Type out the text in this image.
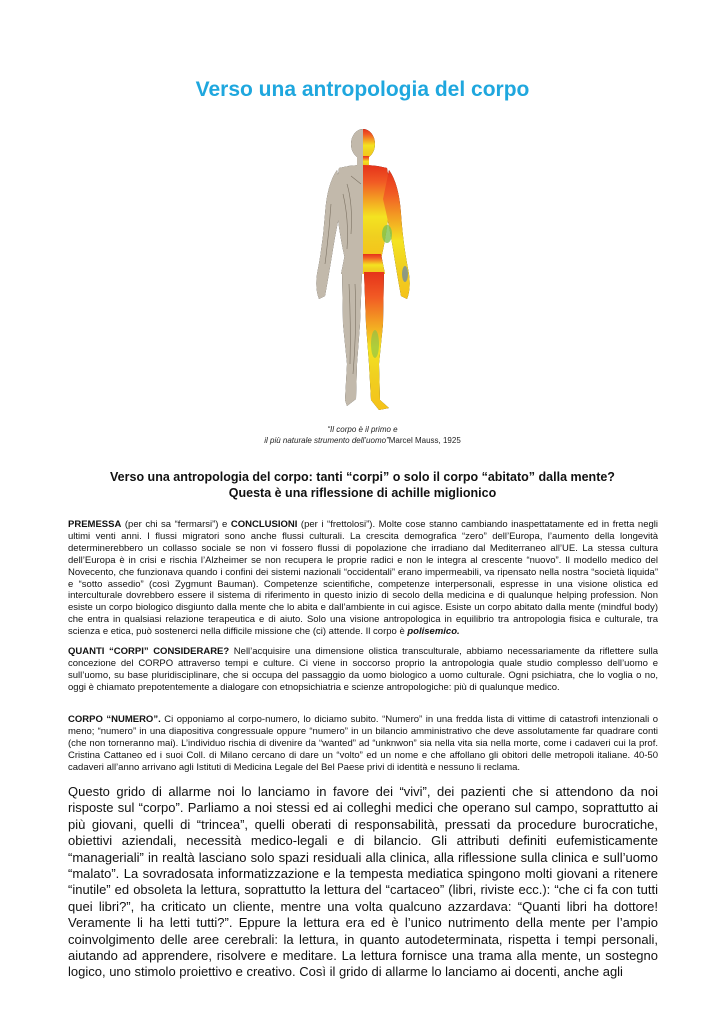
Verso una antropologia del corpo
“Il corpo è il primo e
il più naturale strumento dell’uomo”Marcel Mauss, 1925
Verso una antropologia del corpo: tanti “corpi” o solo il corpo “abitato” dalla mente?
Questa è una riflessione di achille miglionico

PREMESSA (per chi sa “fermarsi”) e CONCLUSIONI (per i “frettolosi”). Molte cose stanno cambiando inaspettatamente ed in fretta negli ultimi venti anni. I flussi migratori sono anche flussi culturali. La crescita demografica “zero” dell’Europa, l’aumento della longevità determinerebbero un collasso sociale se non vi fossero flussi di popolazione che irradiano dal Mediterraneo all’UE. La stessa cultura dell’Europa è in crisi e rischia l’Alzheimer se non recupera le proprie radici e non le integra al crescente “nuovo”. Il modello medico del Novecento, che funzionava quando i confini dei sistemi nazionali “occidentali” erano impermeabili, va ripensato nella nostra “società liquida” e “sotto assedio” (così Zygmunt Bauman). Competenze scientifiche, competenze interpersonali, espresse in una visione olistica ed interculturale dovrebbero essere il sistema di riferimento in questo inizio di secolo della medicina e di qualunque helping profession. Non esiste un corpo biologico disgiunto dalla mente che lo abita e dall’ambiente in cui agisce. Esiste un corpo abitato dalla mente (mindful body) che entra in qualsiasi relazione terapeutica e di aiuto. Solo una visione antropologica in equilibrio tra antropologia fisica e culturale, tra scienza e etica, può sostenerci nella difficile missione che (ci) attende. Il corpo è polisemico.

QUANTI “CORPI” CONSIDERARE? Nell’acquisire una dimensione olistica transculturale, abbiamo necessariamente da riflettere sulla concezione del CORPO attraverso tempi e culture. Ci viene in soccorso proprio la antropologia quale studio complesso dell’uomo e sull’uomo, su base pluridisciplinare, che si occupa del passaggio da uomo biologico a uomo culturale. Ogni psichiatra, che lo voglia o no, oggi è chiamato prepotentemente a dialogare con etnopsichiatria e scienze antropologiche: più di qualunque medico.

CORPO “NUMERO”. Ci opponiamo al corpo-numero, lo diciamo subito. “Numero” in una fredda lista di vittime di catastrofi intenzionali o meno; “numero” in una diapositiva congressuale oppure “numero” in un bilancio amministrativo che deve assolutamente far quadrare conti (che non torneranno mai). L’individuo rischia di divenire da “wanted” ad “unknwon” sia nella vita sia nella morte, come i cadaveri cui la prof. Cristina Cattaneo ed i suoi Coll. di Milano cercano di dare un “volto” ed un nome e che affollano gli obitori delle metropoli italiane. 40-50 cadaveri all’anno arrivano agli Istituti di Medicina Legale del Bel Paese privi di identità e nessuno li reclama.

Questo grido di allarme noi lo lanciamo in favore dei “vivi”, dei pazienti che si attendono da noi risposte sul “corpo”. Parliamo a noi stessi ed ai colleghi medici che operano sul campo, soprattutto ai più giovani, quelli di “trincea”, quelli oberati di responsabilità, pressati da procedure burocratiche, obiettivi aziendali, necessità medico-legali e di bilancio. Gli attributi definiti eufemisticamente “manageriali” in realtà lasciano solo spazi residuali alla clinica, alla riflessione sulla clinica e sull’uomo “malato”. La sovradosata informatizzazione e la tempesta mediatica spingono molti giovani a ritenere “inutile” ed obsoleta la lettura, soprattutto la lettura del “cartaceo” (libri, riviste ecc.): “che ci fa con tutti quei libri?”, ha criticato un cliente, mentre una volta qualcuno azzardava: “Quanti libri ha dottore! Veramente li ha letti tutti?”. Eppure la lettura era ed è l’unico nutrimento della mente per l’ampio coinvolgimento delle aree cerebrali: la lettura, in quanto autodeterminata, rispetta i tempi personali, aiutando ad apprendere, risolvere e meditare. La lettura fornisce una trama alla mente, un sostegno logico, uno stimolo proiettivo e creativo. Così il grido di allarme lo lanciamo ai docenti, anche agli
